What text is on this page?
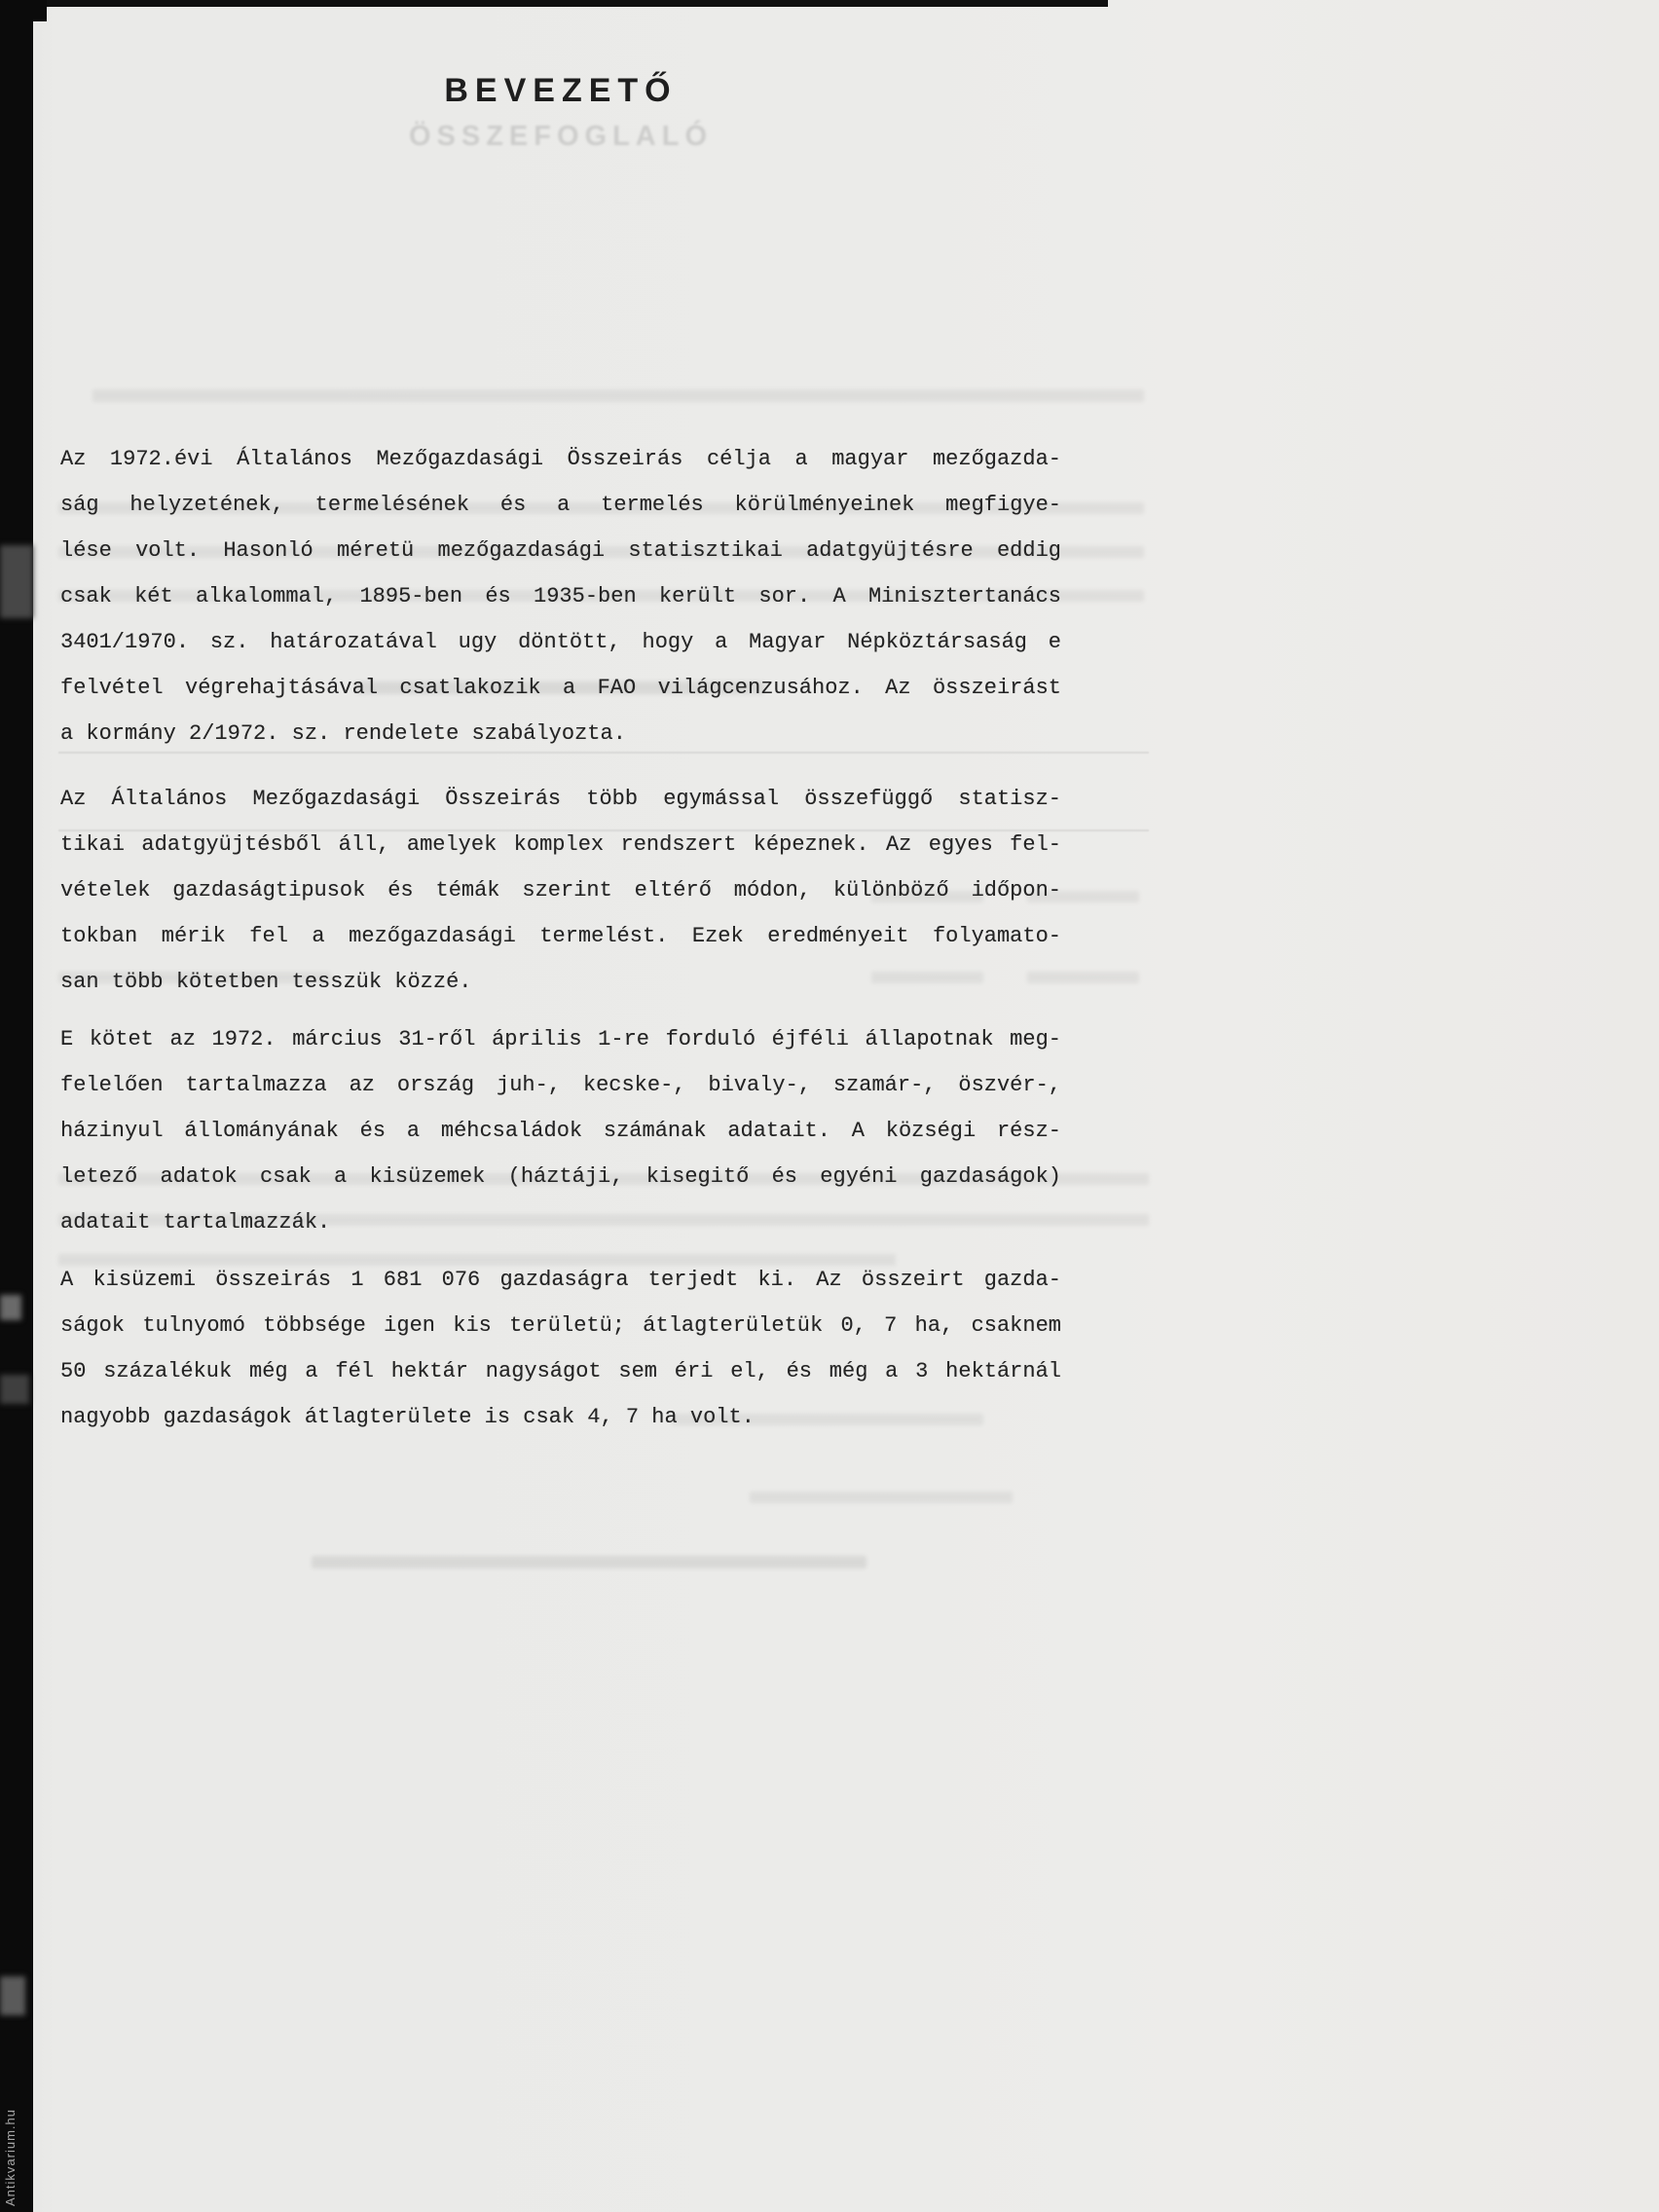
ÖSSZEFOGLALÓ
BEVEZETŐ
Az 1972.évi Általános Mezőgazdasági Összeirás célja a magyar mezőgazda-
ság helyzetének, termelésének és a termelés körülményeinek megfigye-
lése volt. Hasonló méretü mezőgazdasági statisztikai adatgyüjtésre eddig
csak két alkalommal, 1895-ben és 1935-ben került sor. A Minisztertanács
3401/1970. sz. határozatával ugy döntött, hogy a Magyar Népköztársaság e
felvétel végrehajtásával csatlakozik a FAO világcenzusához. Az összeirást
a kormány 2/1972. sz. rendelete szabályozta.
Az Általános Mezőgazdasági Összeirás több egymással összefüggő statisz-
tikai adatgyüjtésből áll, amelyek komplex rendszert képeznek. Az egyes fel-
vételek gazdaságtipusok és témák szerint eltérő módon, különböző időpon-
tokban mérik fel a mezőgazdasági termelést. Ezek eredményeit folyamato-
san több kötetben tesszük közzé.
E kötet az 1972. március 31-ről április 1-re forduló éjféli állapotnak meg-
felelően tartalmazza az ország juh-, kecske-, bivaly-, szamár-, öszvér-,
házinyul állományának és a méhcsaládok számának adatait. A községi rész-
letező adatok csak a kisüzemek (háztáji, kisegitő és egyéni gazdaságok)
adatait tartalmazzák.
A kisüzemi összeirás 1 681 076 gazdaságra terjedt ki. Az összeirt gazda-
ságok tulnyomó többsége igen kis területü; átlagterületük 0, 7 ha, csaknem
50 százalékuk még a fél hektár nagyságot sem éri el, és még a 3 hektárnál
nagyobb gazdaságok átlagterülete is csak 4, 7 ha volt.
Antikvarium.hu
